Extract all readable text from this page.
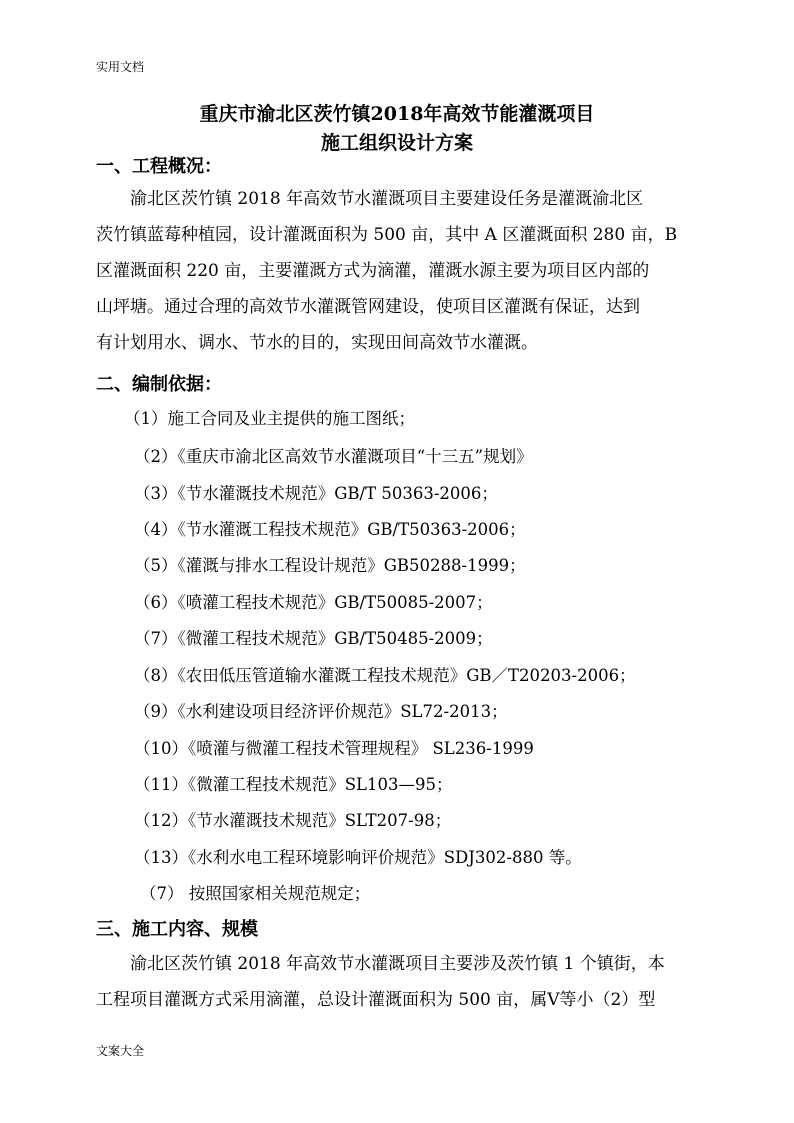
实用文档
重庆市渝北区茨竹镇2018年高效节能灌溉项目
施工组织设计方案
一、工程概况：
渝北区茨竹镇 2018 年高效节水灌溉项目主要建设任务是灌溉渝北区
茨竹镇蓝莓种植园，设计灌溉面积为 500 亩，其中 A 区灌溉面积 280 亩，B
区灌溉面积 220 亩，主要灌溉方式为滴灌，灌溉水源主要为项目区内部的
山坪塘。通过合理的高效节水灌溉管网建设，使项目区灌溉有保证，达到
有计划用水、调水、节水的目的，实现田间高效节水灌溉。
二、编制依据：
（1）施工合同及业主提供的施工图纸；
（2）《重庆市渝北区高效节水灌溉项目“十三五”规划》
（3）《节水灌溉技术规范》GB/T 50363-2006；
（4）《节水灌溉工程技术规范》GB/T50363-2006；
（5）《灌溉与排水工程设计规范》GB50288-1999；
（6）《喷灌工程技术规范》GB/T50085-2007；
（7）《微灌工程技术规范》GB/T50485-2009；
（8）《农田低压管道输水灌溉工程技术规范》GB／T20203-2006；
（9）《水利建设项目经济评价规范》SL72-2013；
（10）《喷灌与微灌工程技术管理规程》 SL236-1999
（11）《微灌工程技术规范》SL103—95；
（12）《节水灌溉技术规范》SLT207-98；
（13）《水利水电工程环境影响评价规范》SDJ302-880 等。
（7） 按照国家相关规范规定；
三、施工内容、规模
渝北区茨竹镇 2018 年高效节水灌溉项目主要涉及茨竹镇 1 个镇街，本
工程项目灌溉方式采用滴灌，总设计灌溉面积为 500 亩，属Ⅴ等小（2）型
文案大全
